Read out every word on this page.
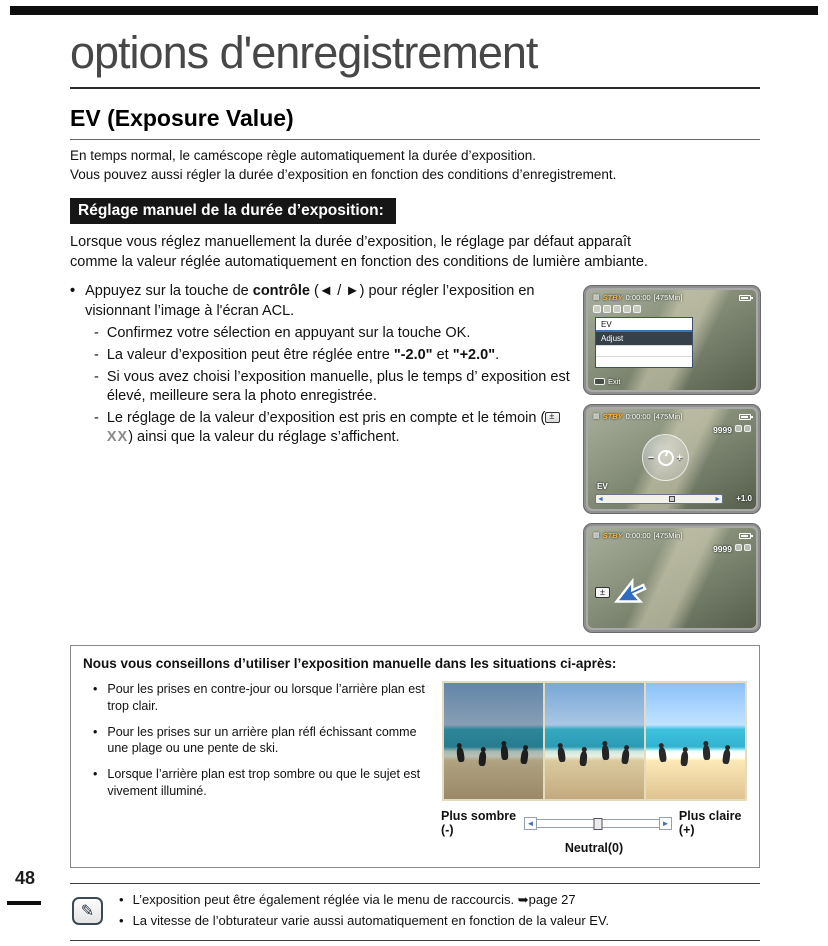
options d'enregistrement
EV (Exposure Value)

En temps normal, le caméscope règle automatiquement la durée d’exposition.
Vous pouvez aussi régler la durée d’exposition en fonction des conditions d’enregistrement.

Réglage manuel de la durée d’exposition:

Lorsque vous réglez manuellement la durée d’exposition, le réglage par défaut apparaît
comme la valeur réglée automatiquement en fonction des conditions de lumière ambiante.

• Appuyez sur la touche de contrôle (◄ / ►) pour régler l’exposition en visionnant l’image à l'écran ACL.
- Confirmez votre sélection en appuyant sur la touche OK.
- La valeur d’exposition peut être réglée entre "-2.0" et "+2.0".
- Si vous avez choisi l’exposition manuelle, plus le temps d’ exposition est élevé, meilleure sera la photo enregistrée.
- Le réglage de la valeur d’exposition est pris en compte et le témoin (± XX) ainsi que la valeur du réglage s’affichent.
▦ STBY 0:00:00 [475Min]
EV
Adjust
Exit
▦ STBY 0:00:00 [475Min]
9999
− +
EV
◄	► +1.0
▦ STBY 0:00:00 [475Min]
9999
±
Nous vous conseillons d’utiliser l’exposition manuelle dans les situations ci-après:
• Pour les prises en contre-jour ou lorsque l’arrière plan est trop clair.
• Pour les prises sur un arrière plan réfl échissant comme une plage ou une pente de ski.
• Lorsque l’arrière plan est trop sombre ou que le sujet est vivement illuminé.
Plus sombre (-)	◄	► Plus claire (+)
Neutral(0)
✎
• L’exposition peut être également réglée via le menu de raccourcis. ➥page 27
• La vitesse de l’obturateur varie aussi automatiquement en fonction de la valeur EV.
48
